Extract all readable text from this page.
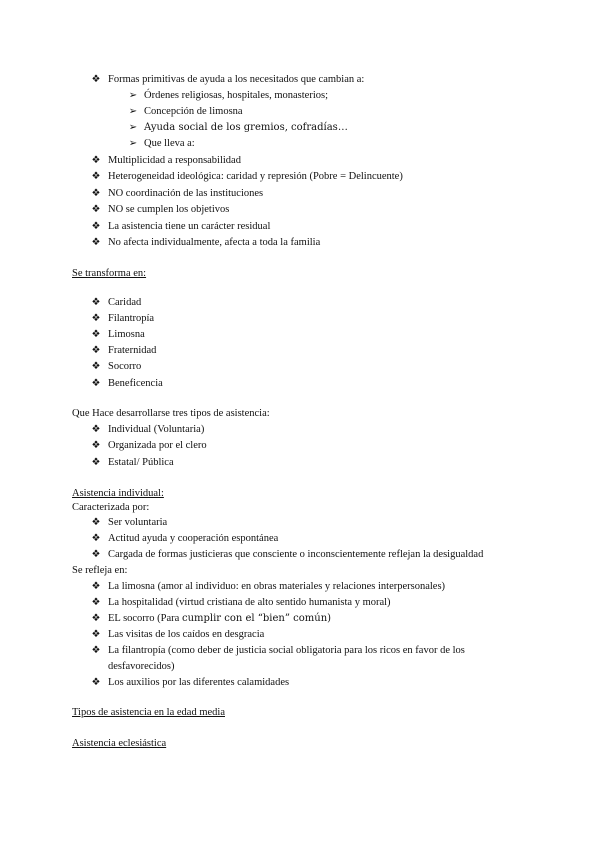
❖ Formas primitivas de ayuda a los necesitados que cambian a:
➢ Órdenes religiosas, hospitales, monasterios;
➢ Concepción de limosna
➢ Ayuda social de los gremios, cofradías…
➢ Que lleva a:
❖ Multiplicidad a responsabilidad
❖ Heterogeneidad ideológica: caridad y represión (Pobre = Delincuente)
❖ NO coordinación de las instituciones
❖ NO se cumplen los objetivos
❖ La asistencia tiene un carácter residual
❖ No afecta individualmente, afecta a toda la familia
Se transforma en:
❖ Caridad
❖ Filantropía
❖ Limosna
❖ Fraternidad
❖ Socorro
❖ Beneficencia
Que Hace desarrollarse tres tipos de asistencia:
❖ Individual (Voluntaria)
❖ Organizada por el clero
❖ Estatal/ Pública
Asistencia individual:
Caracterizada por:
❖ Ser voluntaria
❖ Actitud ayuda y cooperación espontánea
❖ Cargada de formas justicieras que consciente o inconscientemente reflejan la desigualdad
Se refleja en:
❖ La limosna (amor al individuo: en obras materiales y relaciones interpersonales)
❖ La hospitalidad (virtud cristiana de alto sentido humanista y moral)
❖ EL socorro (Para cumplir con el “bien” común)
❖ Las visitas de los caídos en desgracia
❖ La filantropía (como deber de justicia social obligatoria para los ricos en favor de los
desfavorecidos)
❖ Los auxilios por las diferentes calamidades
Tipos de asistencia en la edad media
Asistencia eclesiástica
